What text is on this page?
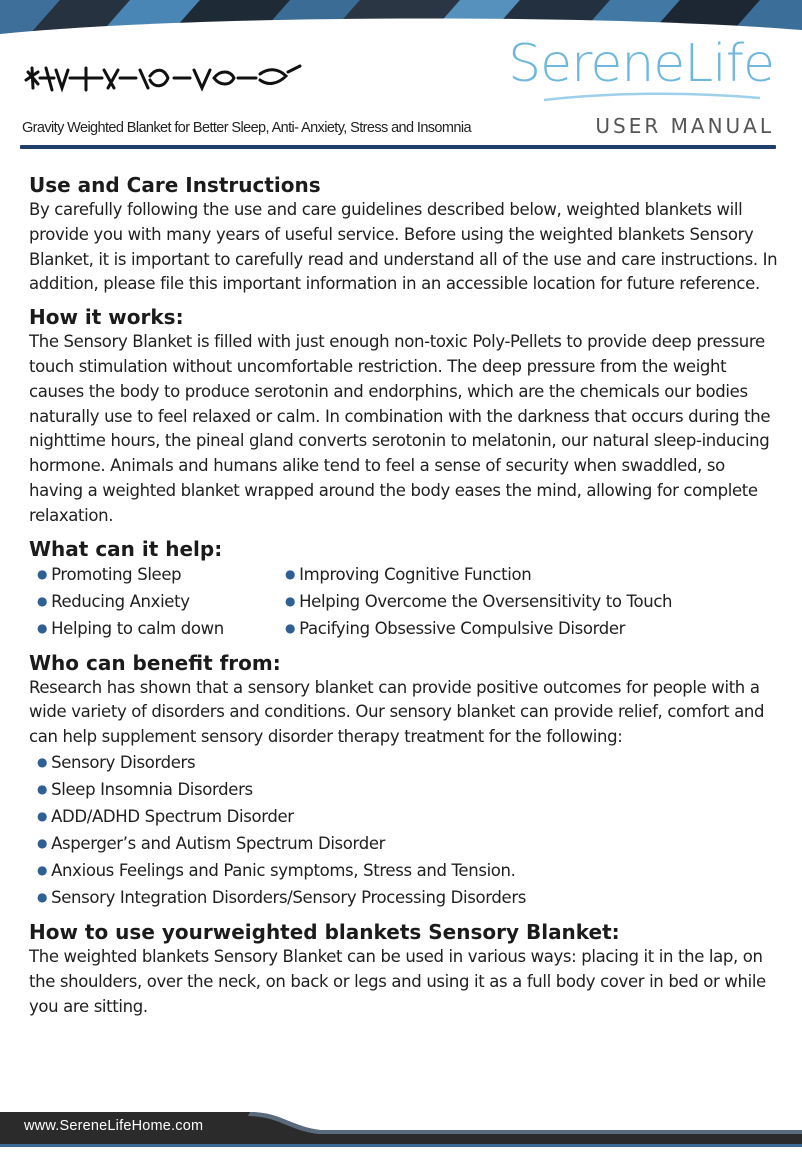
SereneLife
Gravity Weighted Blanket for Better Sleep, Anti- Anxiety, Stress and Insomnia	USER MANUAL
Use and Care Instructions

By carefully following the use and care guidelines described below, weighted blankets will provide you with many years of useful service. Before using the weighted blankets Sensory Blanket, it is important to carefully read and understand all of the use and care instructions. In addition, please file this important information in an accessible location for future reference.

How it works:

The Sensory Blanket is filled with just enough non-toxic Poly-Pellets to provide deep pressure touch stimulation without uncomfortable restriction. The deep pressure from the weight causes the body to produce serotonin and endorphins, which are the chemicals our bodies naturally use to feel relaxed or calm. In combination with the darkness that occurs during the nighttime hours, the pineal gland converts serotonin to melatonin, our natural sleep-inducing hormone. Animals and humans alike tend to feel a sense of security when swaddled, so having a weighted blanket wrapped around the body eases the mind, allowing for complete relaxation.

What can it help:
● Promoting Sleep
● Reducing Anxiety
● Helping to calm down
● Improving Cognitive Function
● Helping Overcome the Oversensitivity to Touch
● Pacifying Obsessive Compulsive Disorder
Who can benefit from:

Research has shown that a sensory blanket can provide positive outcomes for people with a wide variety of disorders and conditions. Our sensory blanket can provide relief, comfort and can help supplement sensory disorder therapy treatment for the following:

● Sensory Disorders
● Sleep Insomnia Disorders
● ADD/ADHD Spectrum Disorder
● Asperger’s and Autism Spectrum Disorder
● Anxious Feelings and Panic symptoms, Stress and Tension.
● Sensory Integration Disorders/Sensory Processing Disorders
How to use yourweighted blankets Sensory Blanket:

The weighted blankets Sensory Blanket can be used in various ways: placing it in the lap, on the shoulders, over the neck, on back or legs and using it as a full body cover in bed or while you are sitting.

www.SereneLifeHome.com
